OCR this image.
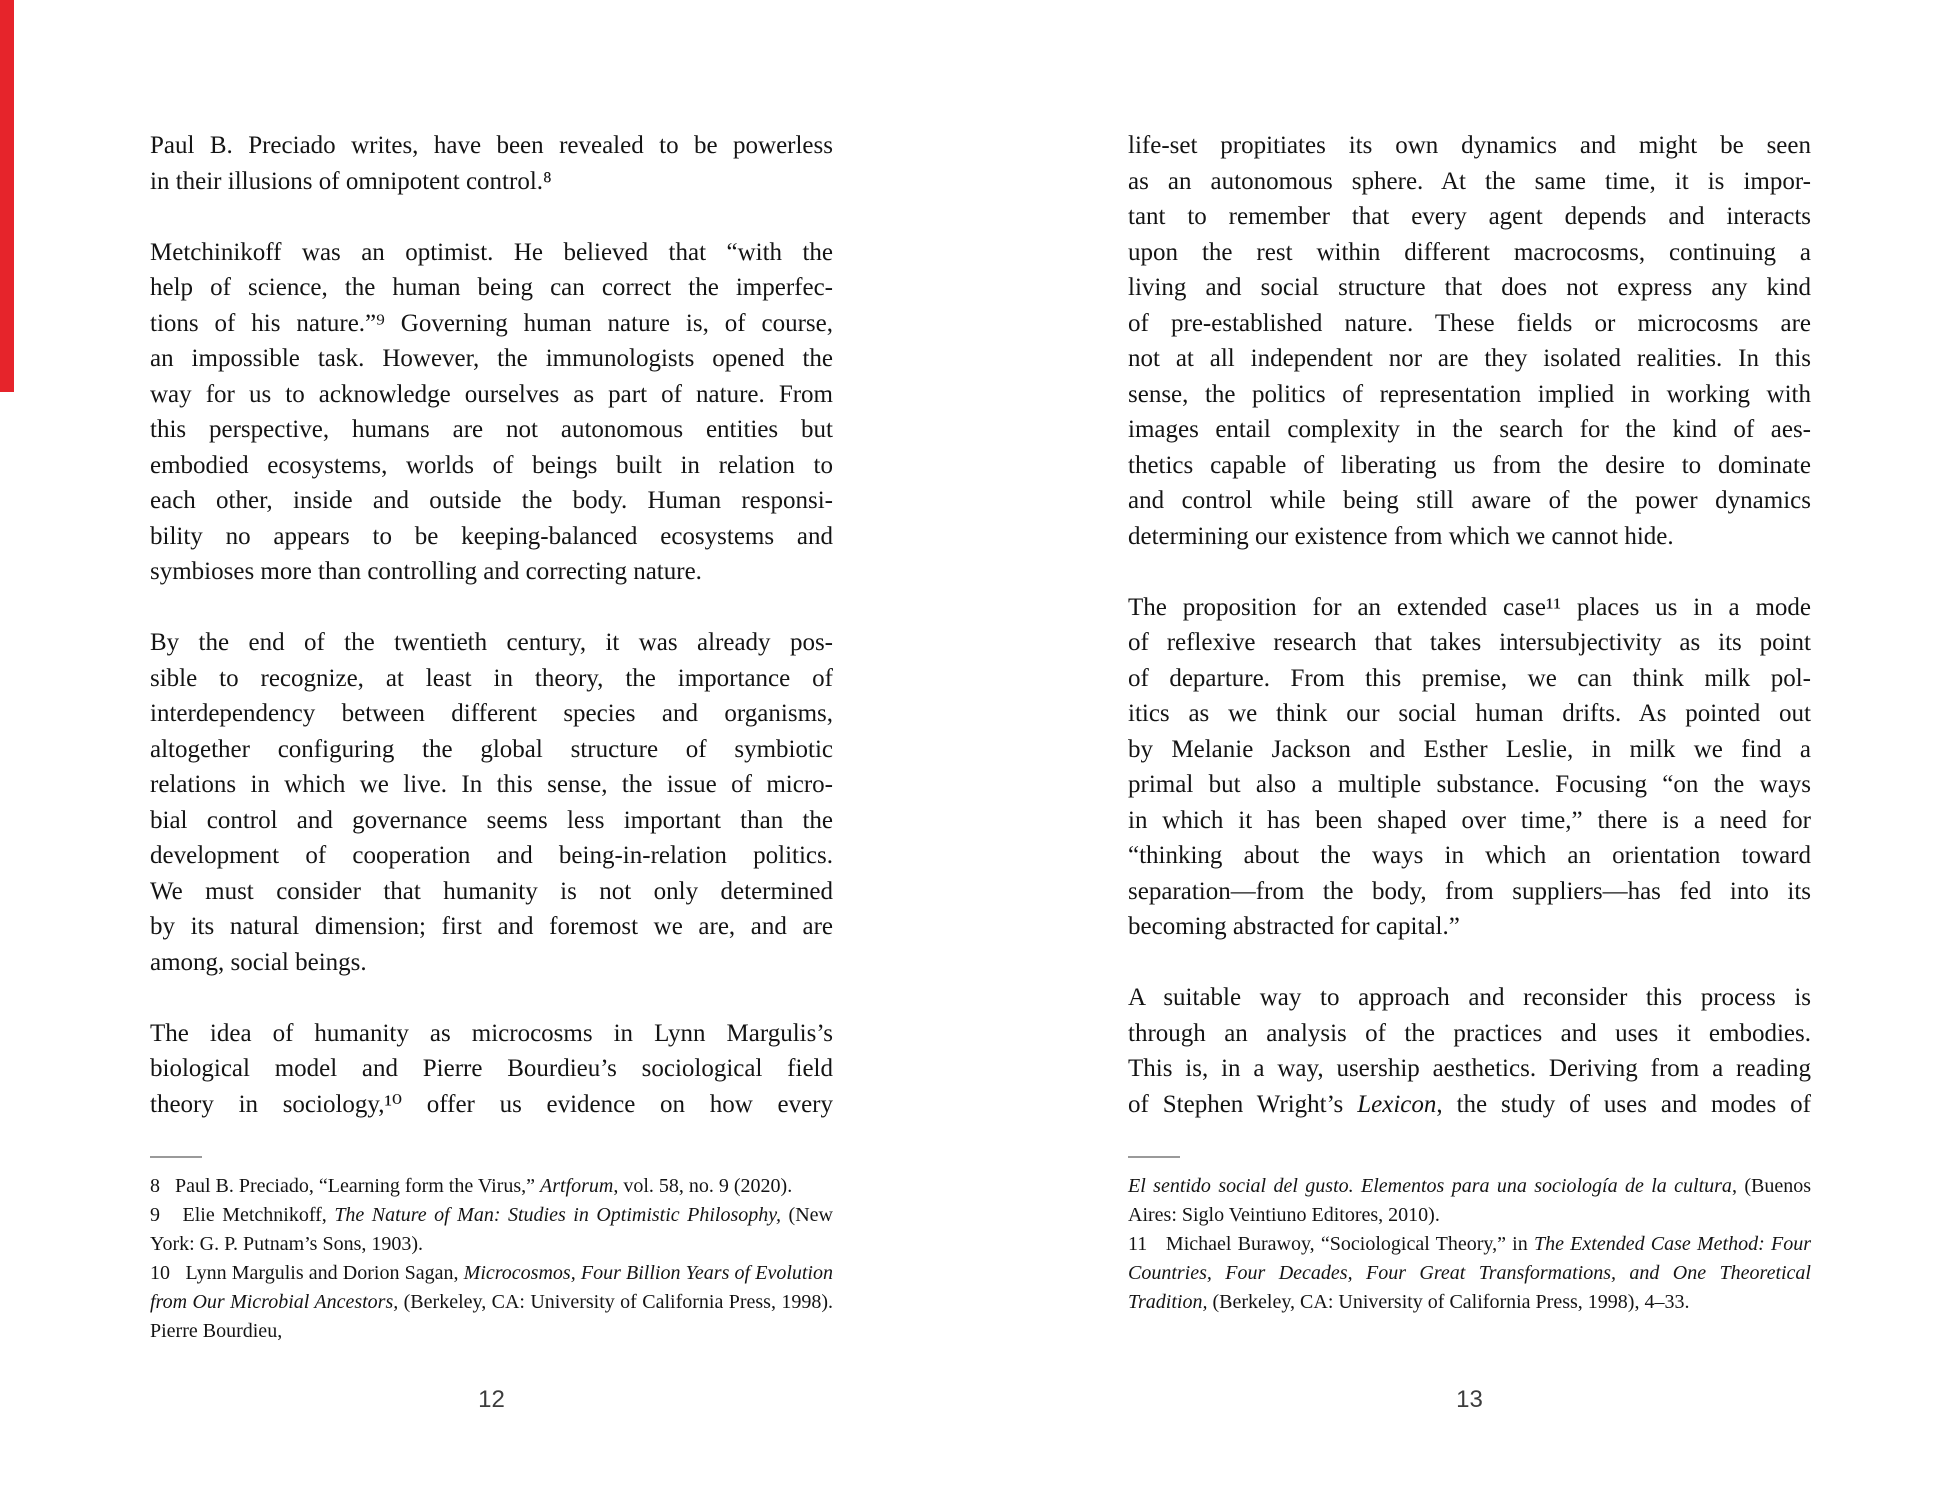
Paul B. Preciado writes, have been revealed to be powerless
in their illusions of omnipotent control.⁸
Metchinikoff was an optimist. He believed that “with the
help of science, the human being can correct the imperfec-
tions of his nature.”⁹ Governing human nature is, of course,
an impossible task. However, the immunologists opened the
way for us to acknowledge ourselves as part of nature. From
this perspective, humans are not autonomous entities but
embodied ecosystems, worlds of beings built in relation to
each other, inside and outside the body. Human responsi-
bility no appears to be keeping-balanced ecosystems and
symbioses more than controlling and correcting nature.
By the end of the twentieth century, it was already pos-
sible to recognize, at least in theory, the importance of
interdependency between different species and organisms,
altogether configuring the global structure of symbiotic
relations in which we live. In this sense, the issue of micro-
bial control and governance seems less important than the
development of cooperation and being-in-relation politics.
We must consider that humanity is not only determined
by its natural dimension; first and foremost we are, and are
among, social beings.
The idea of humanity as microcosms in Lynn Margulis’s
biological model and Pierre Bourdieu’s sociological field
theory in sociology,¹⁰ offer us evidence on how every

8   Paul B. Preciado, “Learning form the Virus,” Artforum, vol. 58, no. 9 (2020).

9   Elie Metchnikoff, The Nature of Man: Studies in Optimistic Philosophy, (New York: G. P. Putnam’s Sons, 1903).

10   Lynn Margulis and Dorion Sagan, Microcosmos, Four Billion Years of Evolution from Our Microbial Ancestors, (Berkeley, CA: University of California Press, 1998). Pierre Bourdieu,

12
life-set propitiates its own dynamics and might be seen
as an autonomous sphere. At the same time, it is impor-
tant to remember that every agent depends and interacts
upon the rest within different macrocosms, continuing a
living and social structure that does not express any kind
of pre-established nature. These fields or microcosms are
not at all independent nor are they isolated realities. In this
sense, the politics of representation implied in working with
images entail complexity in the search for the kind of aes-
thetics capable of liberating us from the desire to dominate
and control while being still aware of the power dynamics
determining our existence from which we cannot hide.
The proposition for an extended case¹¹ places us in a mode
of reflexive research that takes intersubjectivity as its point
of departure. From this premise, we can think milk pol-
itics as we think our social human drifts. As pointed out
by Melanie Jackson and Esther Leslie, in milk we find a
primal but also a multiple substance. Focusing “on the ways
in which it has been shaped over time,” there is a need for
“thinking about the ways in which an orientation toward
separation—from the body, from suppliers—has fed into its
becoming abstracted for capital.”
A suitable way to approach and reconsider this process is
through an analysis of the practices and uses it embodies.
This is, in a way, usership aesthetics. Deriving from a reading
of Stephen Wright’s Lexicon, the study of uses and modes of

El sentido social del gusto. Elementos para una sociología de la cultura, (Buenos Aires: Siglo Veintiuno Editores, 2010).

11   Michael Burawoy, “Sociological Theory,” in The Extended Case Method: Four Countries, Four Decades, Four Great Transformations, and One Theoretical Tradition, (Berkeley, CA: University of California Press, 1998), 4–33.

13
